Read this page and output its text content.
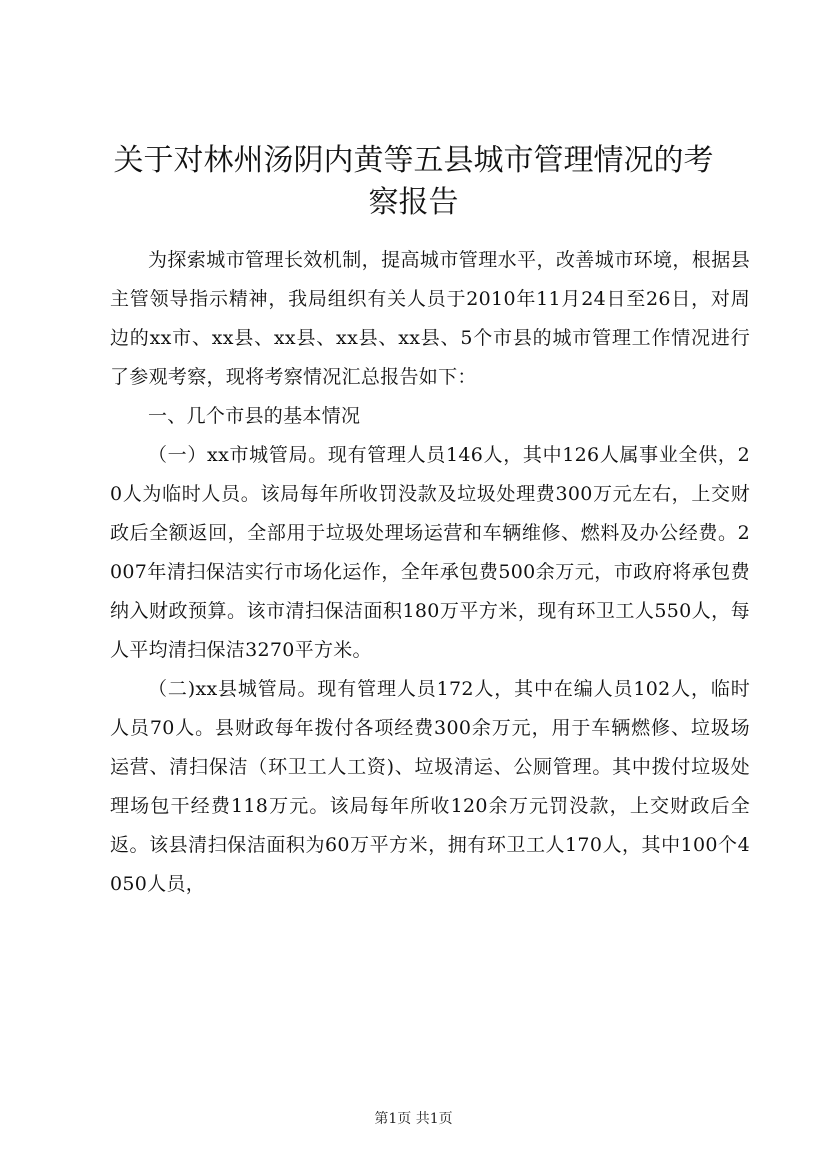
关于对林州汤阴内黄等五县城市管理情况的考察报告

为探索城市管理长效机制，提高城市管理水平，改善城市环境，根据县主管领导指示精神，我局组织有关人员于2010年11月24日至26日，对周边的xx市、xx县、xx县、xx县、xx县、5个市县的城市管理工作情况进行了参观考察，现将考察情况汇总报告如下：

一、几个市县的基本情况

（一）xx市城管局。现有管理人员146人，其中126人属事业全供，20人为临时人员。该局每年所收罚没款及垃圾处理费300万元左右，上交财政后全额返回，全部用于垃圾处理场运营和车辆维修、燃料及办公经费。2007年清扫保洁实行市场化运作，全年承包费500余万元，市政府将承包费纳入财政预算。该市清扫保洁面积180万平方米，现有环卫工人550人，每人平均清扫保洁3270平方米。

（二)xx县城管局。现有管理人员172人，其中在编人员102人，临时人员70人。县财政每年拨付各项经费300余万元，用于车辆燃修、垃圾场运营、清扫保洁（环卫工人工资)、垃圾清运、公厕管理。其中拨付垃圾处理场包干经费118万元。该局每年所收120余万元罚没款，上交财政后全返。该县清扫保洁面积为60万平方米，拥有环卫工人170人，其中100个4050人员，

第1页 共1页
